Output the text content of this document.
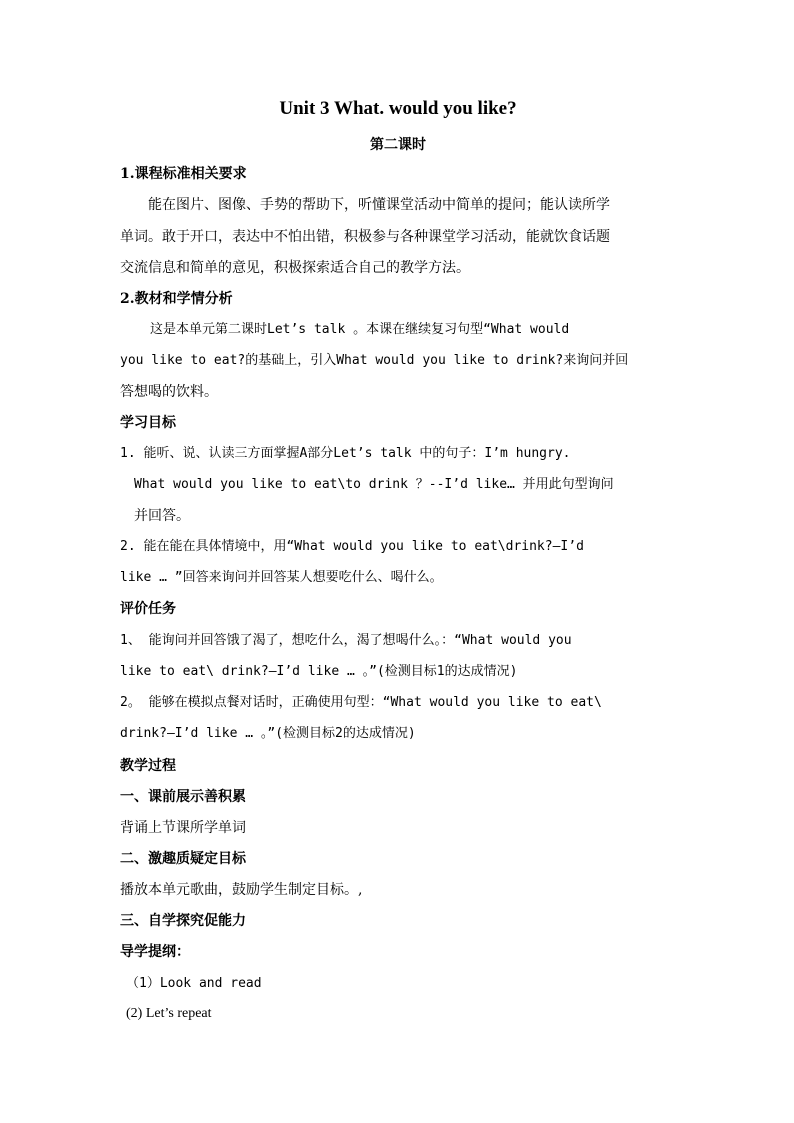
Unit 3 What. would you like?
第二课时
1.课程标准相关要求
能在图片、图像、手势的帮助下，听懂课堂活动中简单的提问；能认读所学
单词。敢于开口，表达中不怕出错，积极参与各种课堂学习活动，能就饮食话题
交流信息和简单的意见，积极探索适合自己的教学方法。
2.教材和学情分析
这是本单元第二课时Let’s talk 。本课在继续复习句型“What would
you like to eat?的基础上，引入What would you like to drink?来询问并回
答想喝的饮料。
学习目标
1. 能听、说、认读三方面掌握A部分Let’s talk 中的句子：I’m hungry.
What would you like to eat\to drink ？--I’d like… 并用此句型询问
并回答。
2. 能在能在具体情境中，用“What would you like to eat\drink?—I’d
like … ”回答来询问并回答某人想要吃什么、喝什么。
评价任务
1、 能询问并回答饿了渴了，想吃什么，渴了想喝什么。：“What would you
like to eat\ drink?—I’d like … 。”(检测目标1的达成情况)
2。 能够在模拟点餐对话时，正确使用句型：“What would you like to eat\
drink?—I’d like … 。”(检测目标2的达成情况)
教学过程
一、课前展示善积累
背诵上节课所学单词
二、激趣质疑定目标
播放本单元歌曲，鼓励学生制定目标。,
三、自学探究促能力
导学提纲：
（1）Look and read
(2) Let’s repeat
